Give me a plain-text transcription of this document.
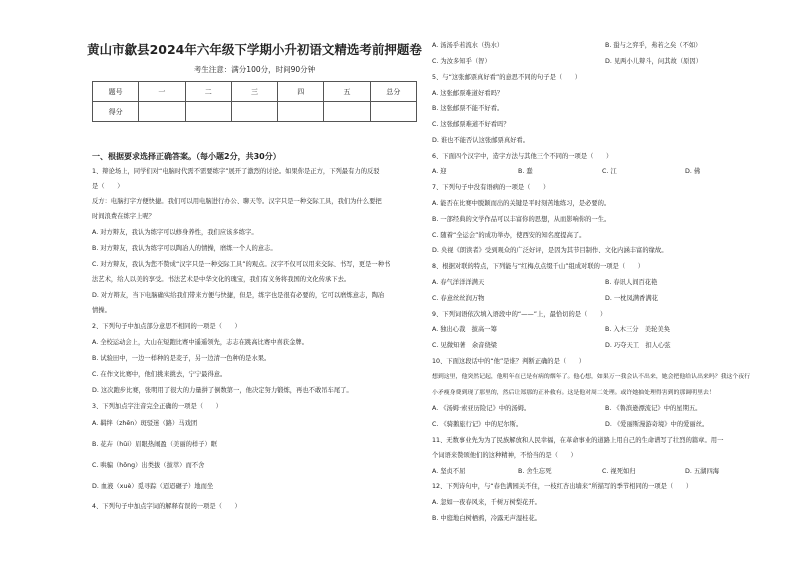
黄山市歙县2024年六年级下学期小升初语文精选考前押题卷
考生注意：满分100分，时间90分钟
题号	一	二	三	四	五	总分
得分						
一、根据要求选择正确答案。（每小题2分，共30分）
1、辩论场上，同学们对“电脑时代需不需要练字”展开了激烈的讨论。如果你是正方，下列最有力的反驳
是（　　）
反方：电脑打字方便快捷。我们可以用电脑进行办公、聊天等。汉字只是一种交际工具，我们为什么要把
时间浪费在练字上呢？
A. 对方辩友，我认为练字可以修身养性，我们应该多练字。
B. 对方辩友，我认为练字可以陶冶人的情操，磨练一个人的意志。
C. 对方辩友，我认为您不赞成“汉字只是一种交际工具”的观点。汉字不仅可以用来交际、书写，更是一种书
法艺术，给人以美的享受。书法艺术是中华文化的瑰宝，我们有义务将我国的文化传承下去。
D. 对方辩友，当下电脑确实给我们带来方便与快捷，但是，练字也是很有必要的，它可以磨炼意志，陶冶
情操。
2、下列句子中加点部分意思不相同的一项是（　　）
A. 全校运动会上，大山在短跑比赛中遥遥领先，志志在跳高比赛中喜获金牌。
B. 试验田中，一边一样种的是麦子，另一边清一色种的是水果。
C. 在作文比赛中，他们挑来挑去，宁宁最得意。
D. 这次跑步比赛，张明用了很大的力量拼了倒数第一，他决定努力锻炼，再也不敢吊车尾了。
3、下列加点字注音完全正确的一项是（　　）
A. 羁绊（zhēn）斑驳迷（路）马戏团
B. 花卉（hūi）眉眼热闹盈（美丽的样子）眶
C. 哄骗（hōng）出类拔（拔萃）而不舍
D. 血液（xuè）觅寻踪（迢迢碾子）地而坐
4、下列句子中加点字词的解释有误的一项是（　　）
A. 汤汤乎若流水（热水）	B. 蛩与之弈乎，弗若之矣（不如）
C. 为汝多知乎（智）	D. 见两小儿辩斗，问其故（原因）
5、与“这张邮票真好看”的意思不同的句子是（　　）
A. 这张邮票难道好看吗？
B. 这张邮票不能不好看。
C. 这张邮票难道不好看吗？
D. 谁也不能否认这张邮票真好看。
6、下面四个汉字中，造字方法与其他三个不同的一项是（　　）
A. 迎	B. 蠢	C. 江	D. 佛
7、下列句子中没有语病的一项是（　　）
A. 能否在比赛中脱颖而出的关键是平时刻苦地练习，是必要的。
B. 一部经典的文学作品可以丰富你的思想，从而影响你的一生。
C. 随着“全运会”的成功举办，使西安的知名度提高了。
D. 央视《朗读者》受到观众的广泛好评，是因为其节目制作、文化内涵丰富的缘故。
8、根据对联的特点，下列能与“红梅点点缀千山”组成对联的一项是（　　）
A. 春气洋洋洋满天	B. 春讯人间百花艳
C. 春意丝丝润万物	D. 一枕凤满香满花
9、下列词语依次填入语段中的“——”上，最恰切的是（　　）
A. 独出心裁　拔高一筹	B. 入木三分　美轮美奂
C. 见微知著　余音绕梁	D. 巧夺天工　扣人心弦
10、下面这段话中的“他”是谁？判断正确的是（　　）
想到这里，他突然记起，他明年在已是有病的烟年了。他心想，如果万一我会认不出来，她会把他给认出来吗？我这个夜行
小矛瘦身费到现了那里的，然后让郑那的正补救有。这是他对周二处理。或许她抽处理得害到的那调明里去！
A. 《汤姆·索亚历险记》中的汤姆。	B. 《鲁滨逊漂流记》中的星期五。
C. 《骑鹅旅行记》中的尼尔斯。	D. 《爱丽斯漫游奇境》中的爱丽丝。
11、无数事业先为为了民族解放和人民幸福，在革命事业的道路上用自己的生命谱写了壮烈的篇章。用一
个词语来赞颂他们的这种精神，不恰当的是（　　）
A. 坚贞不屈	B. 舍生忘死	C. 视死如归	D. 五湖四海
12、下列诗句中，与“春色满园关不住，一枝红杏出墙来”所描写的季节相同的一项是（　　）
A. 忽如一夜春风来，千树万树梨花开。
B. 中庭地白树栖鸦，冷露无声湿桂花。
